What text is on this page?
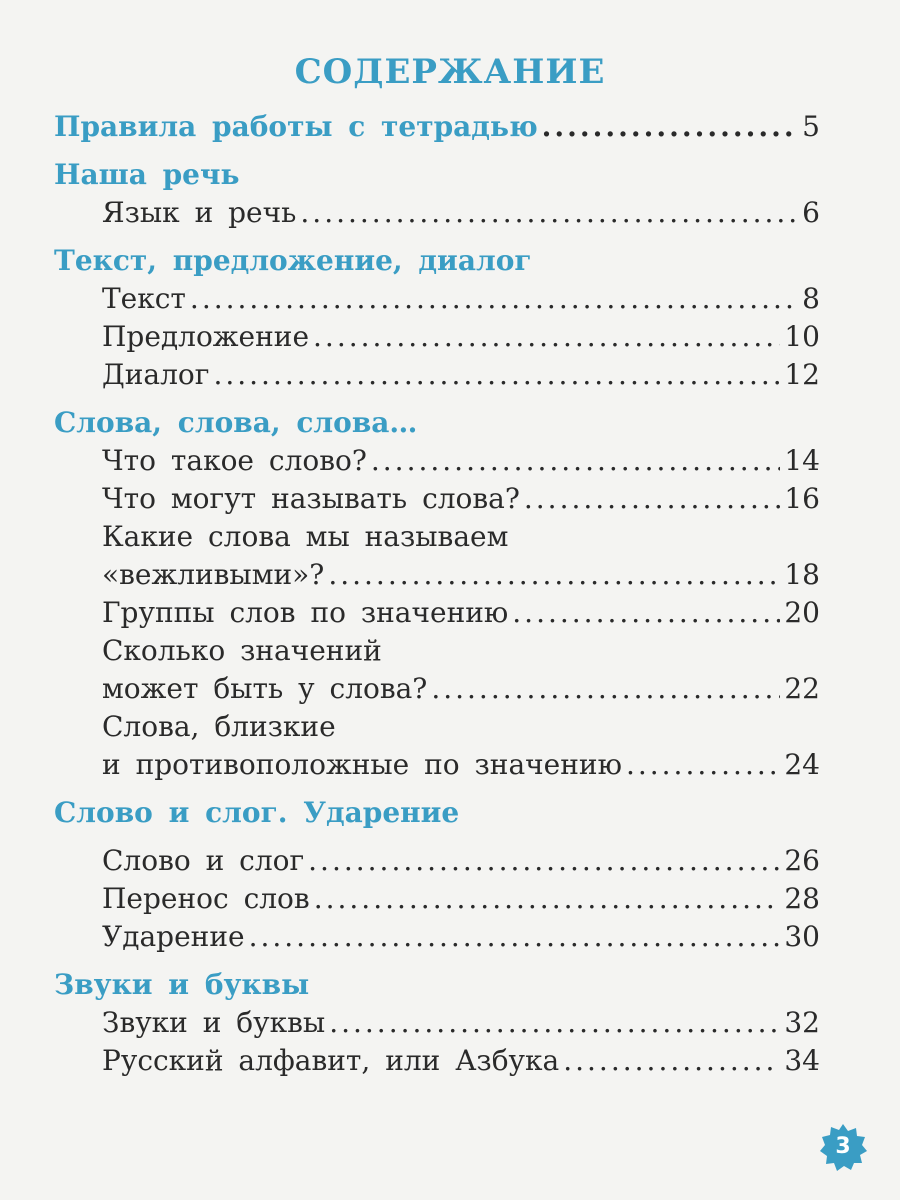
СОДЕРЖАНИЕ
Правила работы с тетрадью .....	5
Наша речь
Язык и речь .....	6
Текст, предложение, диалог
Текст .....	8
Предложение .....	10
Диалог .....	12
Слова, слова, слова…
Что такое слово? .....	14
Что могут называть слова? .....	16
Какие слова мы называем
«вежливыми»? .....	18
Группы слов по значению .....	20
Сколько значений
может быть у слова? .....	22
Слова, близкие
и противоположные по значению .....	24
Слово и слог. Ударение
Слово и слог .....	26
Перенос слов .....	28
Ударение .....	30
Звуки и буквы
Звуки и буквы .....	32
Русский алфавит, или Азбука .....	34
3
